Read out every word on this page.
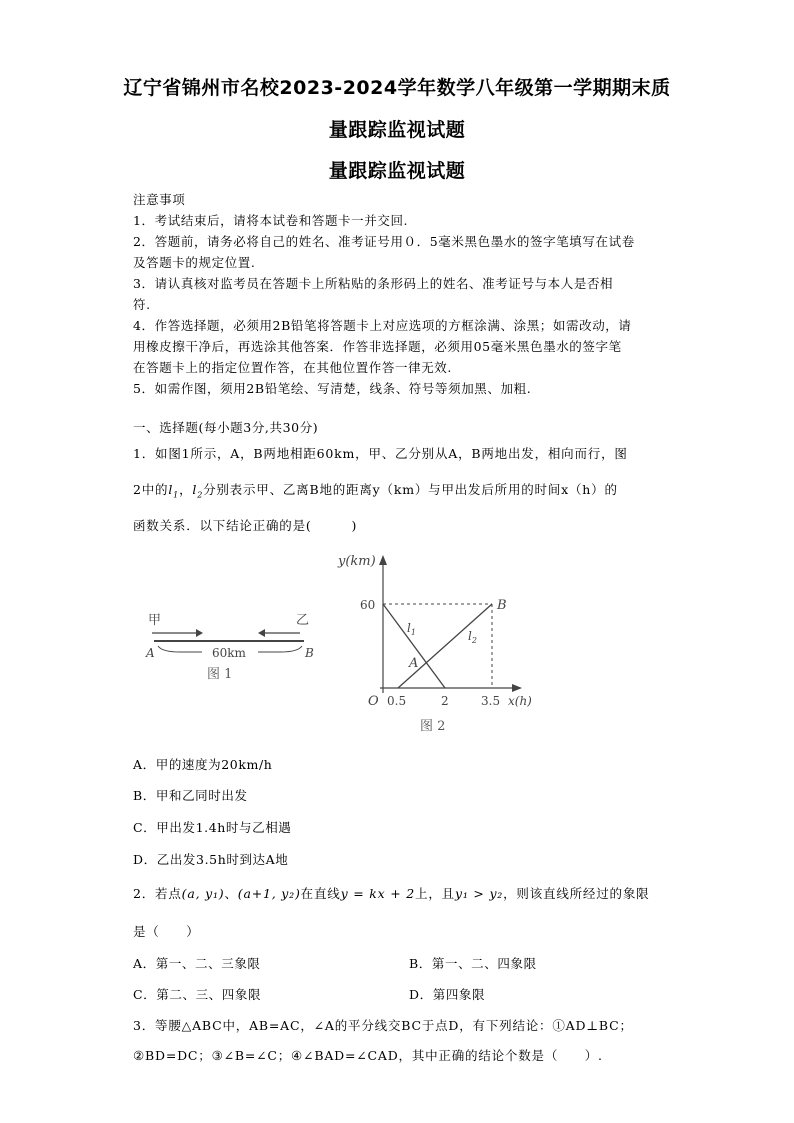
辽宁省锦州市名校2023-2024学年数学八年级第一学期期末质
量跟踪监视试题
量跟踪监视试题
注意事项
1．考试结束后，请将本试卷和答题卡一并交回.
2．答题前，请务必将自己的姓名、准考证号用０．5毫米黑色墨水的签字笔填写在试卷
及答题卡的规定位置.
3．请认真核对监考员在答题卡上所粘贴的条形码上的姓名、准考证号与本人是否相
符.
4．作答选择题，必须用2B铅笔将答题卡上对应选项的方框涂满、涂黑；如需改动，请
用橡皮擦干净后，再选涂其他答案．作答非选择题，必须用05毫米黑色墨水的签字笔
在答题卡上的指定位置作答，在其他位置作答一律无效.
5．如需作图，须用2B铅笔绘、写清楚，线条、符号等须加黑、加粗.
一、选择题(每小题3分,共30分)
1．如图1所示，A，B两地相距60km，甲、乙分别从A，B两地出发，相向而行，图
2中的$l_1$，$l_2$分别表示甲、乙离B地的距离y（km）与甲出发后所用的时间x（h）的
函数关系．以下结论正确的是(　　　)
甲	乙
A	B
60km
图 1
y(km)
x(h)
60
O 0.5	2	3.5
$l_1$	$l_2$
A
B
图 2
A．甲的速度为20km/h
B．甲和乙同时出发
C．甲出发1.4h时与乙相遇
D．乙出发3.5h时到达A地
2．若点(a, y₁)、(a+1, y₂)在直线y = kx + 2上，且y₁ > y₂，则该直线所经过的象限
是（　　）
A．第一、二、三象限	B．第一、二、四象限
C．第二、三、四象限	D．第四象限
3．等腰△ABC中，AB=AC，∠A的平分线交BC于点D，有下列结论：①AD⊥BC；
②BD=DC；③∠B=∠C；④∠BAD=∠CAD，其中正确的结论个数是（　　）.
